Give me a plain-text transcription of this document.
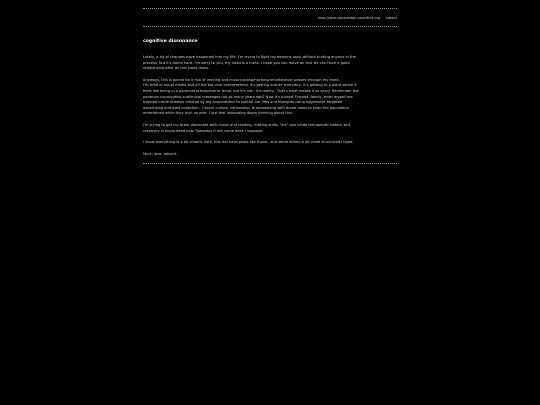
http://absurdparadox.neocities.org /about
cognitive dissonance

Lately, a lot of changes have happened into my life. I'm trying to fight my demons back without hurting anyone in the
process, but it's damn hard. I'm sorry to you, my head is a mess. I hope you can move on and we can have a good
relationship after all this cools down.

Anyways, this is gonna be a mix of venting and music/coding/hacking/art/whatever passes through my mind.
I'm tired of social media and all the big corp brainwashing. It's getting scarier everyday.. it's getting to a point where it
feels like being in a paranoid schizophrenic brain, but it's not.. it's reality.. That's what makes it so scary. Remember the
paranoia surrounding subliminal messages not so many years ago? Now it's fucked. Friends, family, even myself are
trapped inside bubbles tailored by big corporations to control our lifes and thoughts using aggressive targeted
advertising and data collection.. Cancel culture, censorship, brainwashing with dumb ideas to keep the population
entertained while they fuck us over. I just feel impending doom thinking about this.

I'm trying to get my brain distracted with music and reading, making shitty "art" was kinda therapeutic before, but
creativity is kinda dead now. Someday it will come back I suppose.

I know everything is a bit chaotic here, this will have posts like these.. and some others a bit more structured I hope.

Much love, absurd.
